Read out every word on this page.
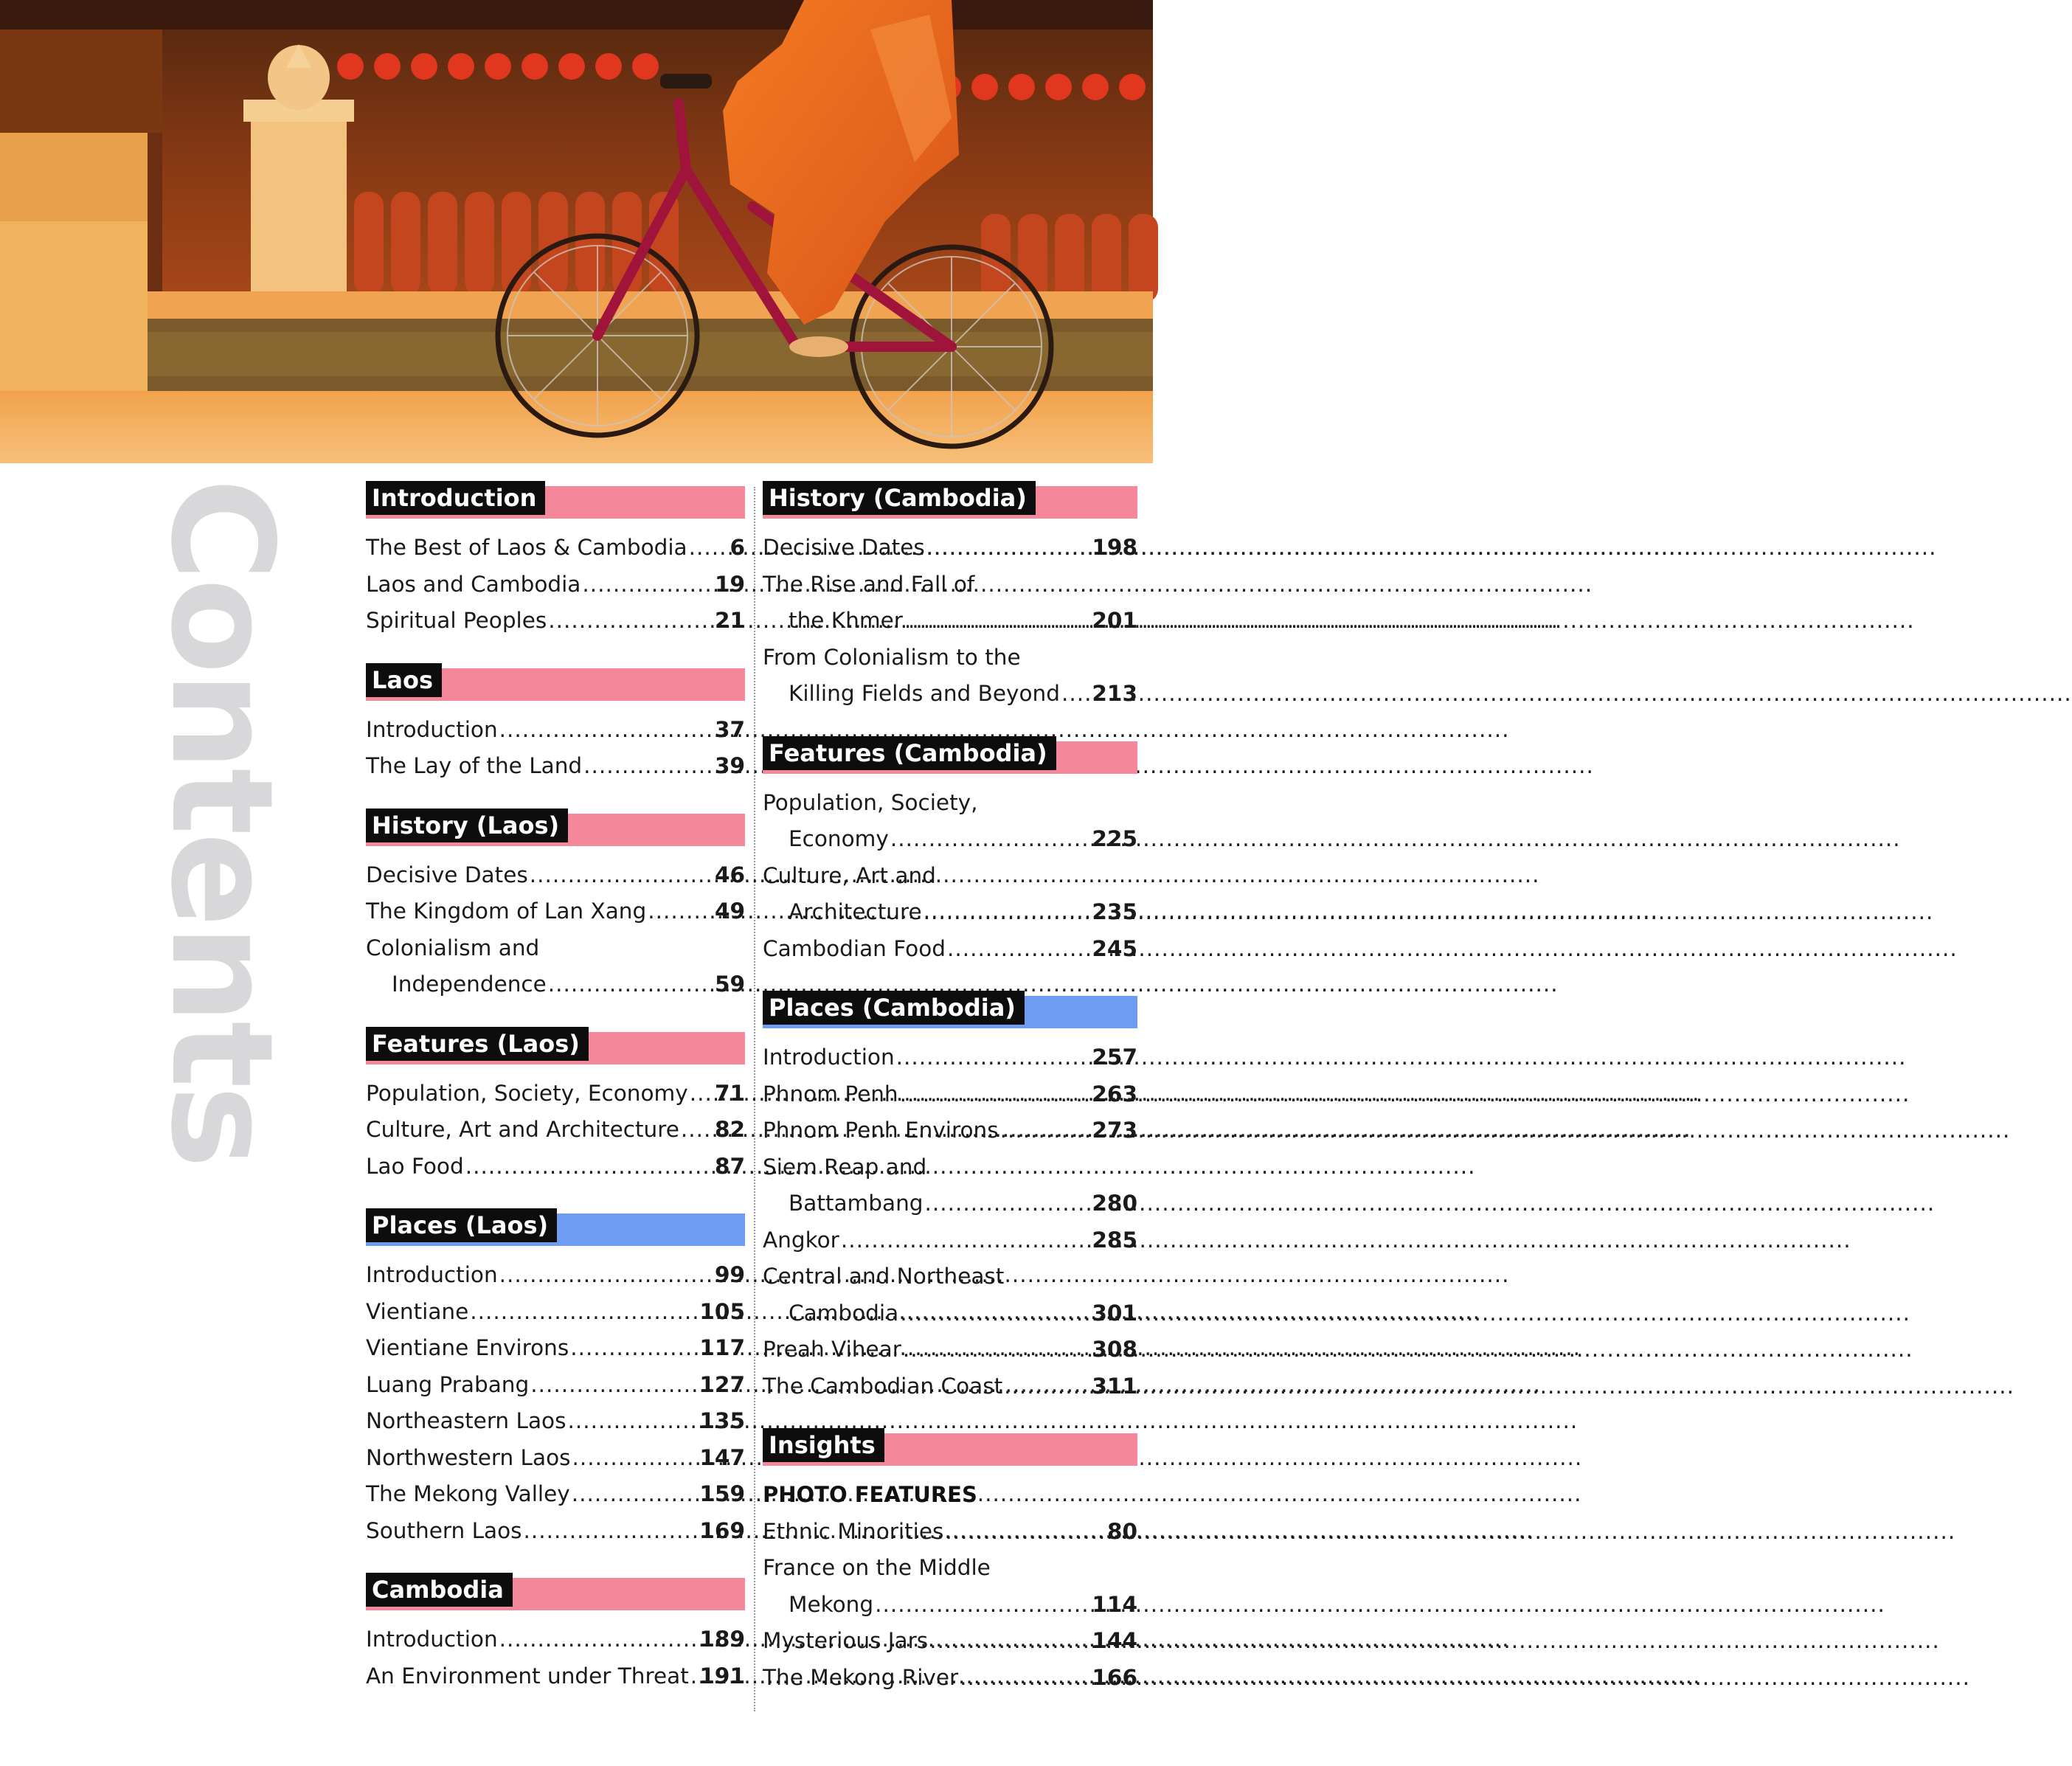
Contents	Introduction
The Best of Laos & Cambodia ..... 6
Laos and Cambodia .....	19
Spiritual Peoples .....	21
Laos
Introduction .....	37
The Lay of the Land .....	39
History (Laos)
Decisive Dates .....	46
The Kingdom of Lan Xang .....	49
Colonialism and
Independence .....	59
Features (Laos)
Population, Society, Economy ..... 71
Culture, Art and Architecture ..... 82
Lao Food .....	87
Places (Laos)
Introduction .....	99
Vientiane .....	105
Vientiane Environs .....	117
Luang Prabang .....	127
Northeastern Laos .....	135
Northwestern Laos .....	147
The Mekong Valley .....	159
Southern Laos .....	169
Cambodia
Introduction .....	189
An Environment under Threat ..... 191
History (Cambodia)
Decisive Dates .....	198
The Rise and Fall of
the Khmer .....	201
From Colonialism to the
Killing Fields and Beyond ..... 213
Features (Cambodia)
Population, Society,
Economy .....	225
Culture, Art and
Architecture .....	235
Cambodian Food .....	245
Places (Cambodia)
Introduction .....	257
Phnom Penh .....	263
Phnom Penh Environs .....	273
Siem Reap and
Battambang .....	280
Angkor .....	285
Central and Northeast
Cambodia .....	301
Preah Vihear .....	308
The Cambodian Coast .....	311
Insights
PHOTO FEATURES
Ethnic Minorities .....	80
France on the Middle
Mekong .....	114
Mysterious Jars .....	144
The Mekong River .....	166
